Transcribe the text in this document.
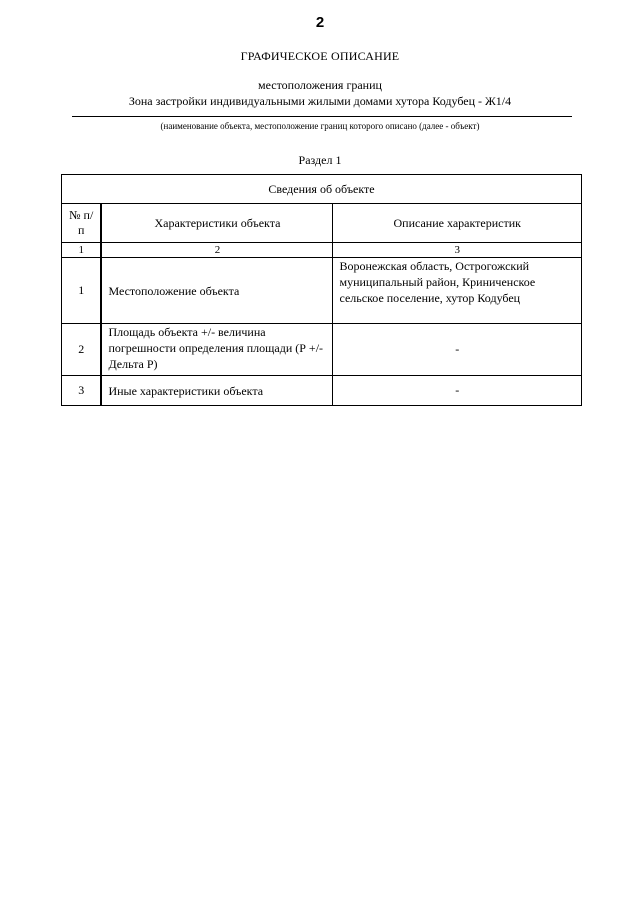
2
ГРАФИЧЕСКОЕ ОПИСАНИЕ
местоположения границ
Зона застройки индивидуальными жилыми домами хутора Кодубец - Ж1/4
(наименование объекта, местоположение границ которого описано (далее - объект)
Раздел 1
Сведения об объекте		
№ п/п	Характеристики объекта	Описание характеристик
1	2	3
1	Местоположение объекта	Воронежская область, Острогожский муниципальный район, Криниченское сельское поселение, хутор Кодубец
2	Площадь объекта +/- величина погрешности определения площади (Р +/- Дельта Р)	-
3	Иные характеристики объекта	-
